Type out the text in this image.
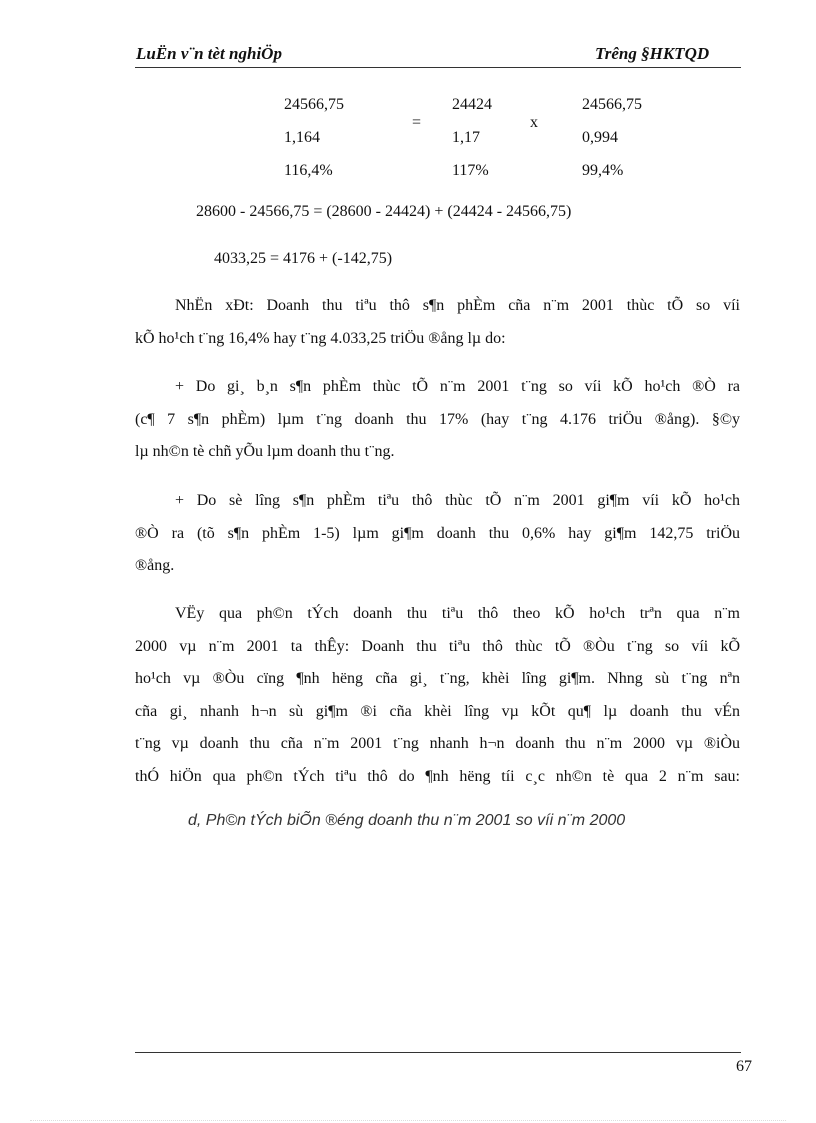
LuËn v¨n tèt nghiÖp	Trêng §HKTQD
24566,75	24424	24566,75
1,164	1,17	0,994
116,4%	117%	99,4%
=	x
28600 - 24566,75 = (28600 - 24424) + (24424 - 24566,75)
4033,25 = 4176 + (-142,75)
NhËn xÐt: Doanh thu tiªu thô s¶n phÈm cña n¨m 2001 thùc tÕ so víi
kÕ ho¹ch t¨ng 16,4% hay t¨ng 4.033,25 triÖu ®ång lµ do:
+ Do gi¸ b¸n s¶n phÈm thùc tÕ n¨m 2001 t¨ng so víi kÕ ho¹ch ®Ò ra
(c¶ 7 s¶n phÈm) lµm t¨ng doanh thu 17% (hay t¨ng 4.176 triÖu ®ång). §©y
lµ nh©n tè chñ yÕu lµm doanh thu t¨ng.
+ Do sè lîng s¶n phÈm tiªu thô thùc tÕ n¨m 2001 gi¶m víi kÕ ho¹ch
®Ò ra (tõ s¶n phÈm 1-5) lµm gi¶m doanh thu 0,6% hay gi¶m 142,75 triÖu
®ång.
VËy qua ph©n tÝch doanh thu tiªu thô theo kÕ ho¹ch trªn qua n¨m
2000 vµ n¨m 2001 ta thÊy: Doanh thu tiªu thô thùc tÕ ®Òu t¨ng so víi kÕ
ho¹ch vµ ®Òu cïng ¶nh hëng cña gi¸ t¨ng, khèi lîng gi¶m. Nhng sù t¨ng nªn
cña gi¸ nhanh h¬n sù gi¶m ®i cña khèi lîng vµ kÕt qu¶ lµ doanh thu vÉn
t¨ng vµ doanh thu cña n¨m 2001 t¨ng nhanh h¬n doanh thu n¨m 2000 vµ ®iÒu
thÓ hiÖn qua ph©n tÝch tiªu thô do ¶nh hëng tíi c¸c nh©n tè qua 2 n¨m sau:
d, Ph©n tÝch biÕn ®éng doanh thu n¨m 2001 so víi n¨m 2000
67
